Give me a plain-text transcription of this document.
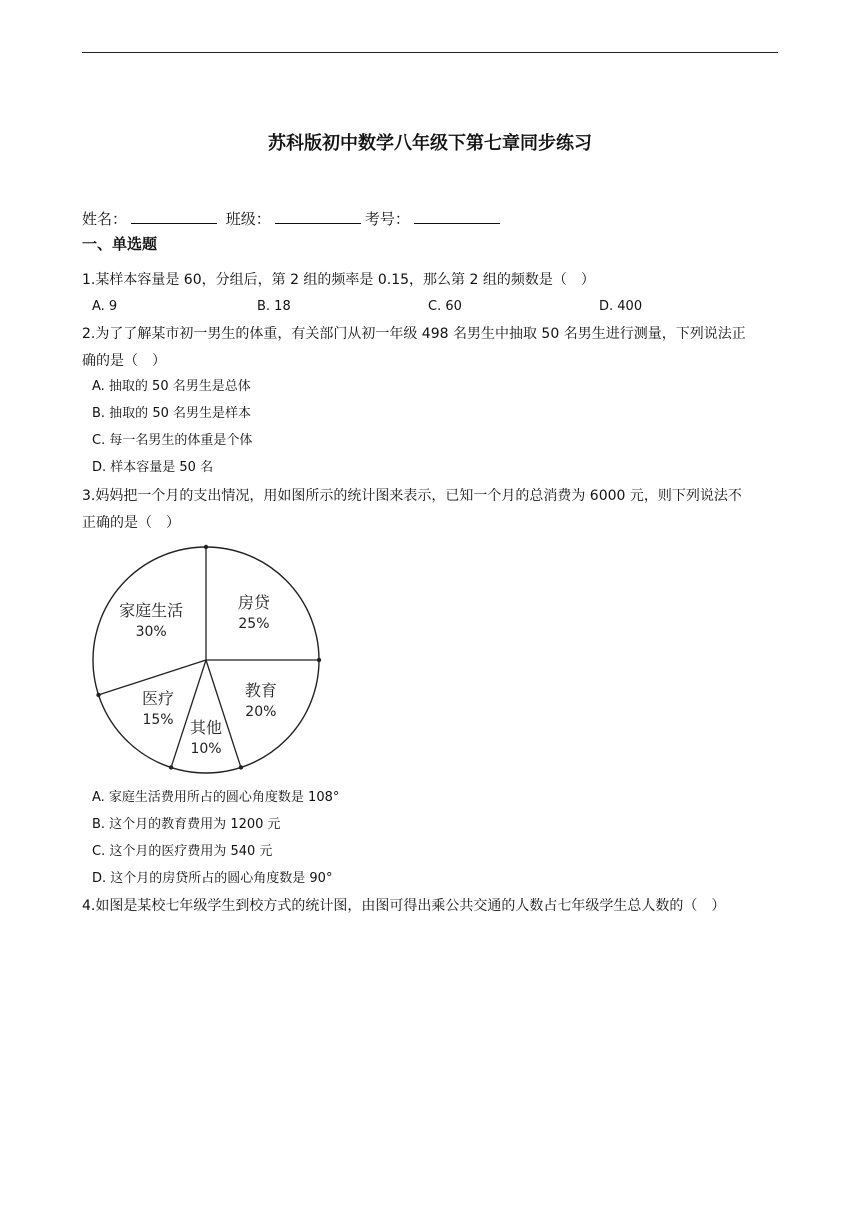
苏科版初中数学八年级下第七章同步练习
姓名：	班级：	考号：
一、单选题
1.某样本容量是 60，分组后，第 2 组的频率是 0.15，那么第 2 组的频数是（　）
A. 9	B. 18	C. 60	D. 400
2.为了了解某市初一男生的体重，有关部门从初一年级 498 名男生中抽取 50 名男生进行测量，下列说法正
确的是（　）
A. 抽取的 50 名男生是总体
B. 抽取的 50 名男生是样本
C. 每一名男生的体重是个体
D. 样本容量是 50 名
3.妈妈把一个月的支出情况，用如图所示的统计图来表示，已知一个月的总消费为 6000 元，则下列说法不
正确的是（　）
房贷
25%
教育
20%
其他
10%
医疗
15%
家庭生活
30%
A. 家庭生活费用所占的圆心角度数是 108°
B. 这个月的教育费用为 1200 元
C. 这个月的医疗费用为 540 元
D. 这个月的房贷所占的圆心角度数是 90°
4.如图是某校七年级学生到校方式的统计图，由图可得出乘公共交通的人数占七年级学生总人数的（　）
